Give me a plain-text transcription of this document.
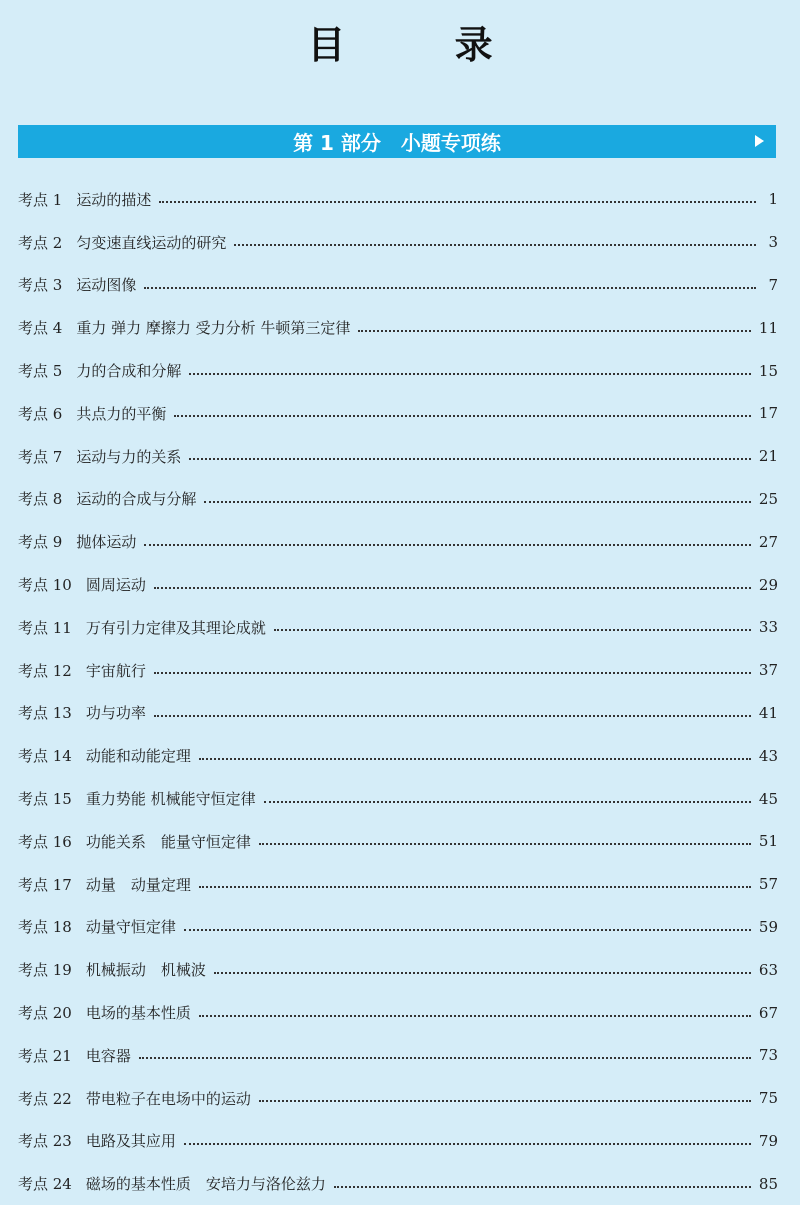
目 录
第 1 部分　小题专项练
考点 1 运动的描述	1
考点 2 匀变速直线运动的研究	3
考点 3 运动图像	7
考点 4 重力 弹力 摩擦力 受力分析 牛顿第三定律	11
考点 5 力的合成和分解	15
考点 6 共点力的平衡	17
考点 7 运动与力的关系	21
考点 8 运动的合成与分解	25
考点 9 抛体运动	27
考点 10 圆周运动	29
考点 11 万有引力定律及其理论成就	33
考点 12 宇宙航行	37
考点 13 功与功率	41
考点 14 动能和动能定理	43
考点 15 重力势能 机械能守恒定律	45
考点 16 功能关系　能量守恒定律	51
考点 17 动量　动量定理	57
考点 18 动量守恒定律	59
考点 19 机械振动　机械波	63
考点 20 电场的基本性质	67
考点 21 电容器	73
考点 22 带电粒子在电场中的运动	75
考点 23 电路及其应用	79
考点 24 磁场的基本性质　安培力与洛伦兹力	85
